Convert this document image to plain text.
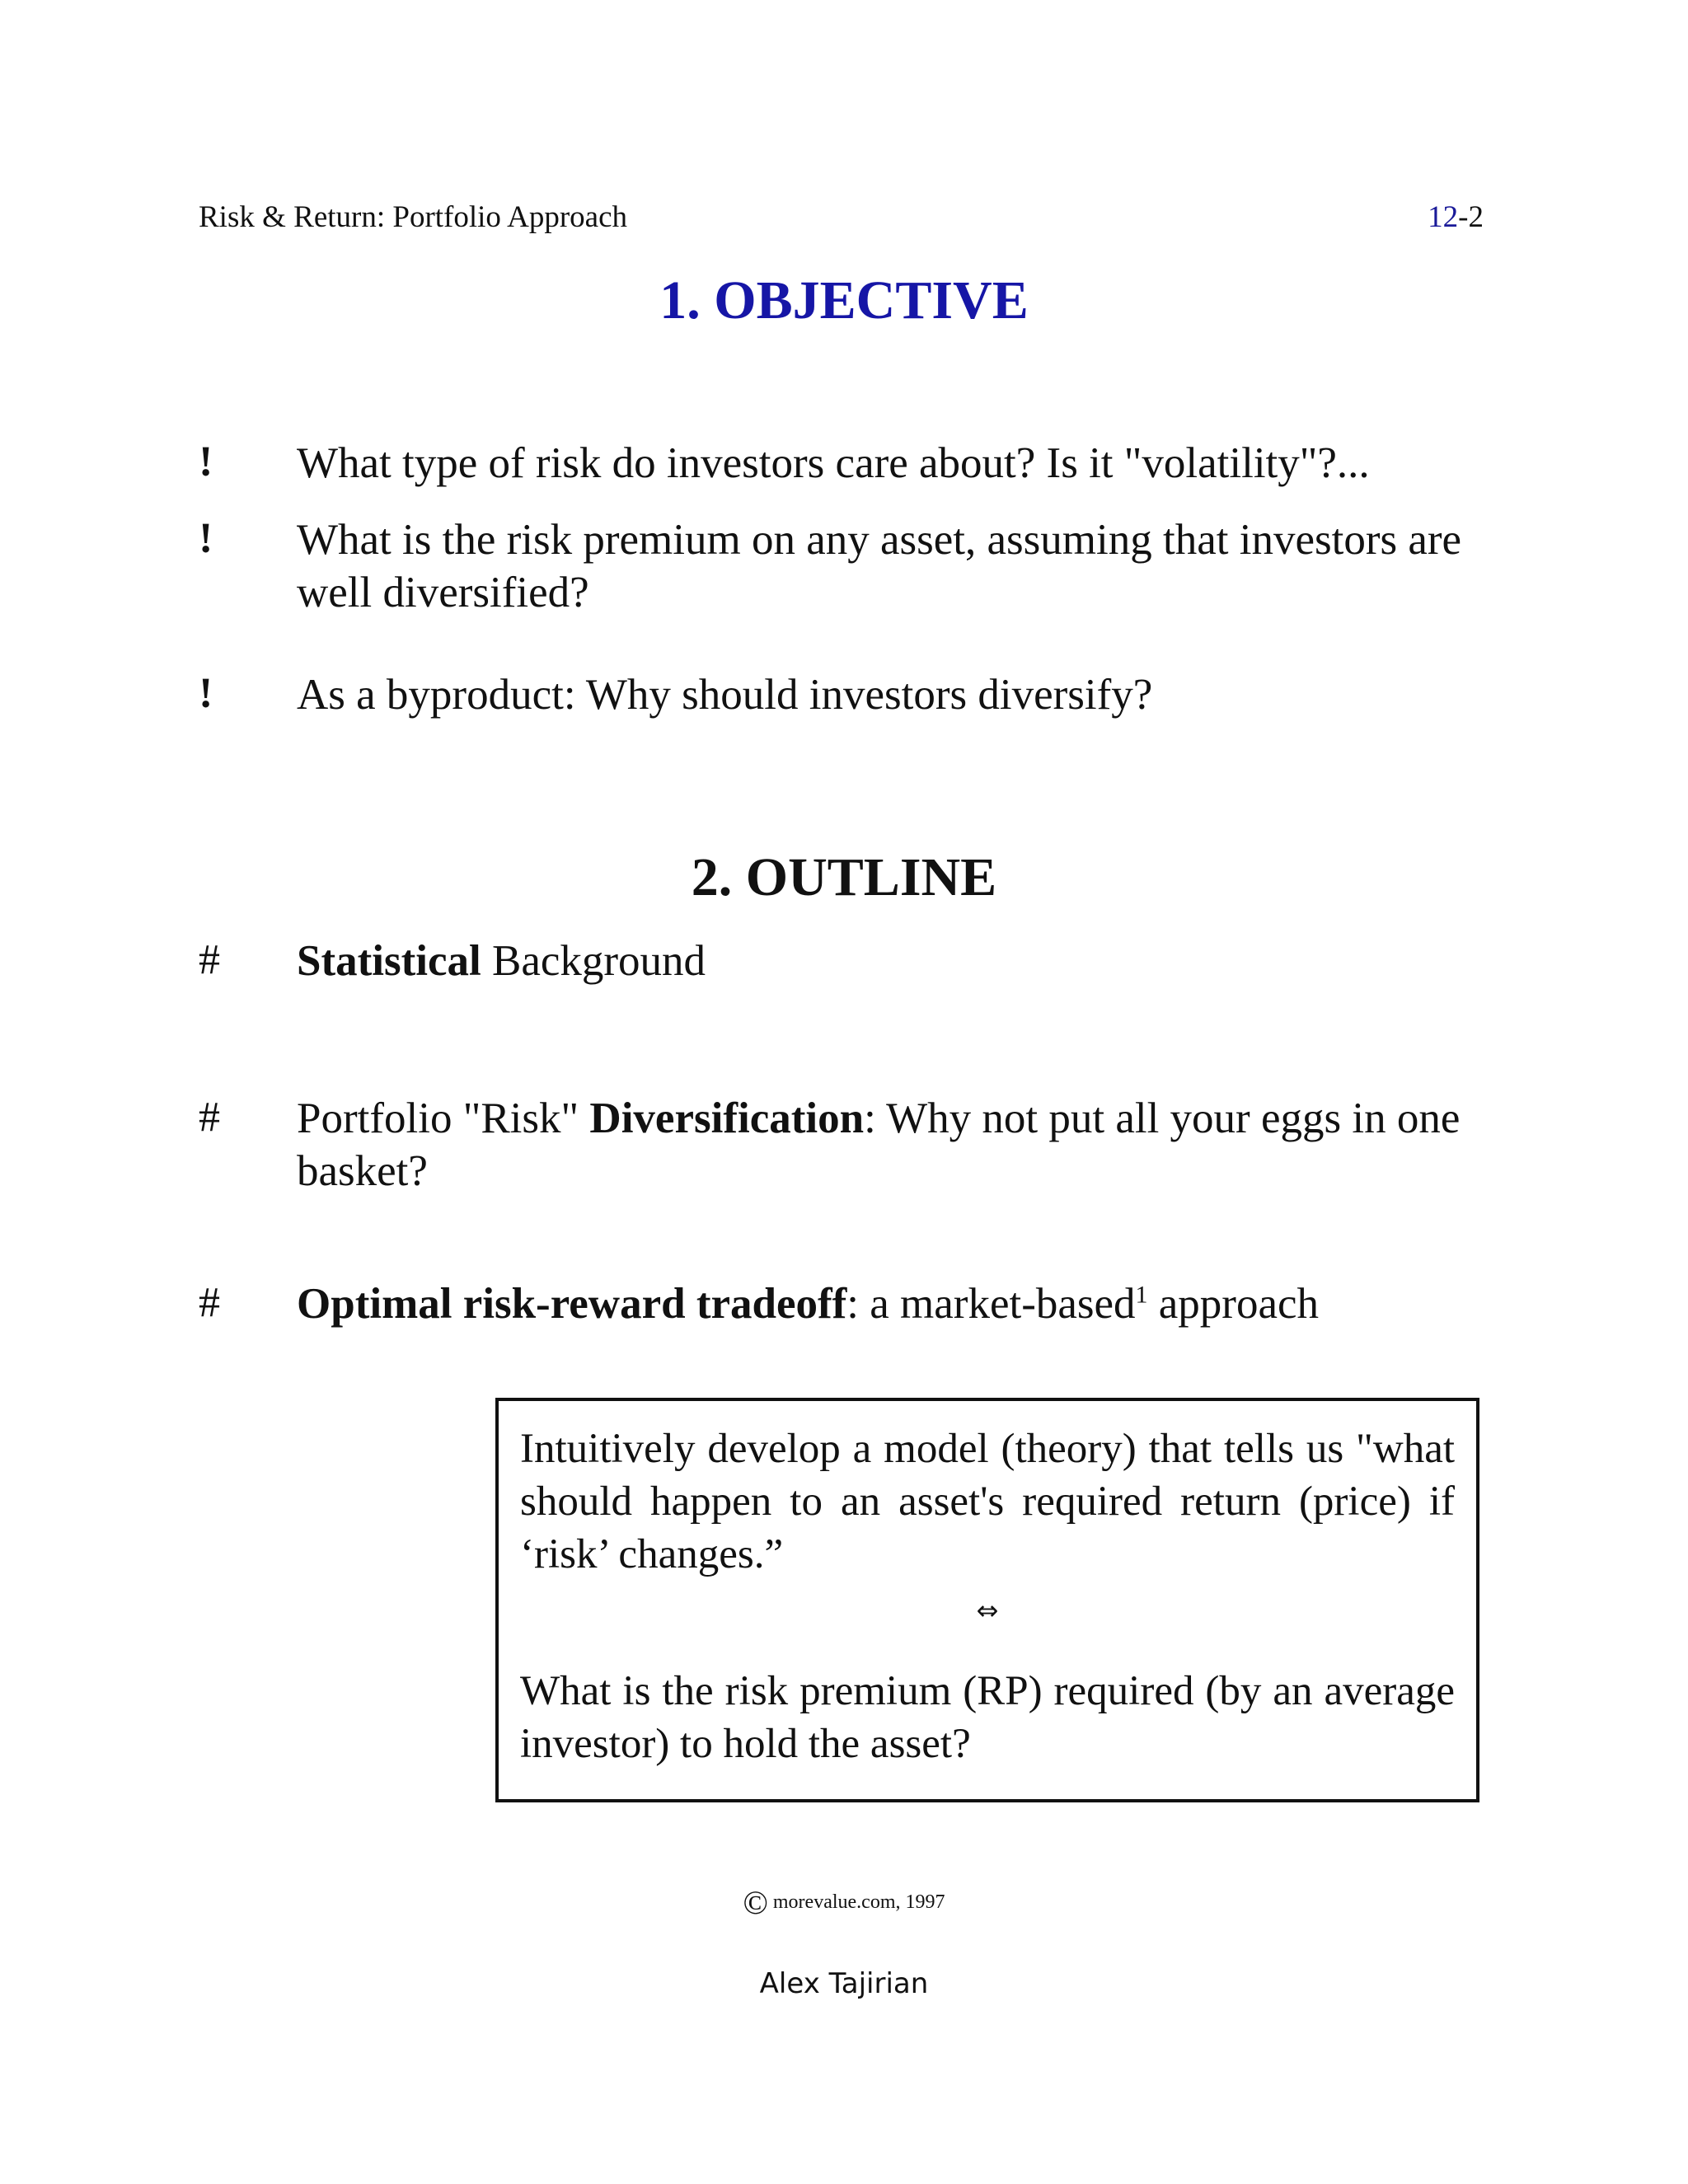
Risk & Return: Portfolio Approach	12-2
1. OBJECTIVE
! What type of risk do investors care about? Is it "volatility"?...
! What is the risk premium on any asset, assuming that investors are well diversified?
! As a byproduct: Why should investors diversify?
2. OUTLINE
# Statistical Background
# Portfolio "Risk" Diversification: Why not put all your eggs in one basket?
# Optimal risk-reward tradeoff: a market-based$^1$ approach
Intuitively develop a model (theory) that tells us "what should happen to an asset's required return (price) if ‘risk’ changes.”
⇔
What is the risk premium (RP) required (by an average investor) to hold the asset?
© morevalue.com, 1997
Alex Tajirian
